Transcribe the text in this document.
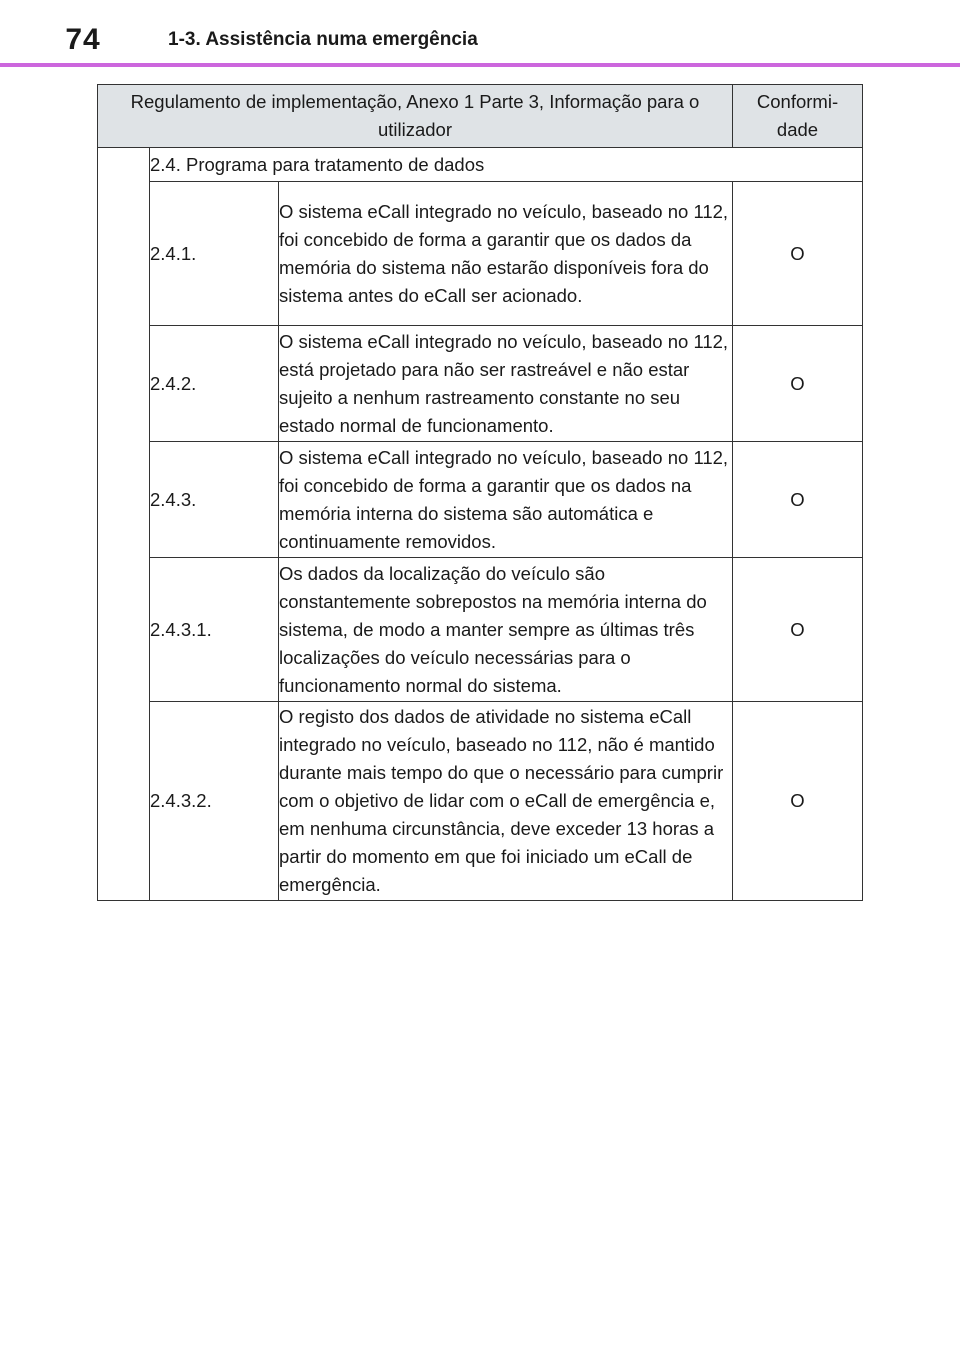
74	1-3. Assistência numa emergência
Regulamento de implementação, Anexo 1 Parte 3, Informação para o utilizador			Conformi-dade

	2.4. Programa para tratamento de dados		
	2.4.1.	O sistema eCall integrado no veículo, baseado no 112, foi concebido de forma a garantir que os dados da memória do sistema não estarão disponíveis fora do sistema antes do eCall ser acionado.	O
	2.4.2.	O sistema eCall integrado no veículo, baseado no 112, está projetado para não ser rastreável e não estar sujeito a nenhum rastreamento constante no seu estado normal de funcionamento.	O
	2.4.3.	O sistema eCall integrado no veículo, baseado no 112, foi concebido de forma a garantir que os dados na memória interna do sistema são automática e continuamente removidos.	O
	2.4.3.1.	Os dados da localização do veículo são constantemente sobrepostos na memória interna do sistema, de modo a manter sempre as últimas três localizações do veículo necessárias para o funcionamento normal do sistema.	O
	2.4.3.2.	O registo dos dados de atividade no sistema eCall integrado no veículo, baseado no 112, não é mantido durante mais tempo do que o necessário para cumprir com o objetivo de lidar com o eCall de emergência e, em nenhuma circunstância, deve exceder 13 horas a partir do momento em que foi iniciado um eCall de emergência.	O
